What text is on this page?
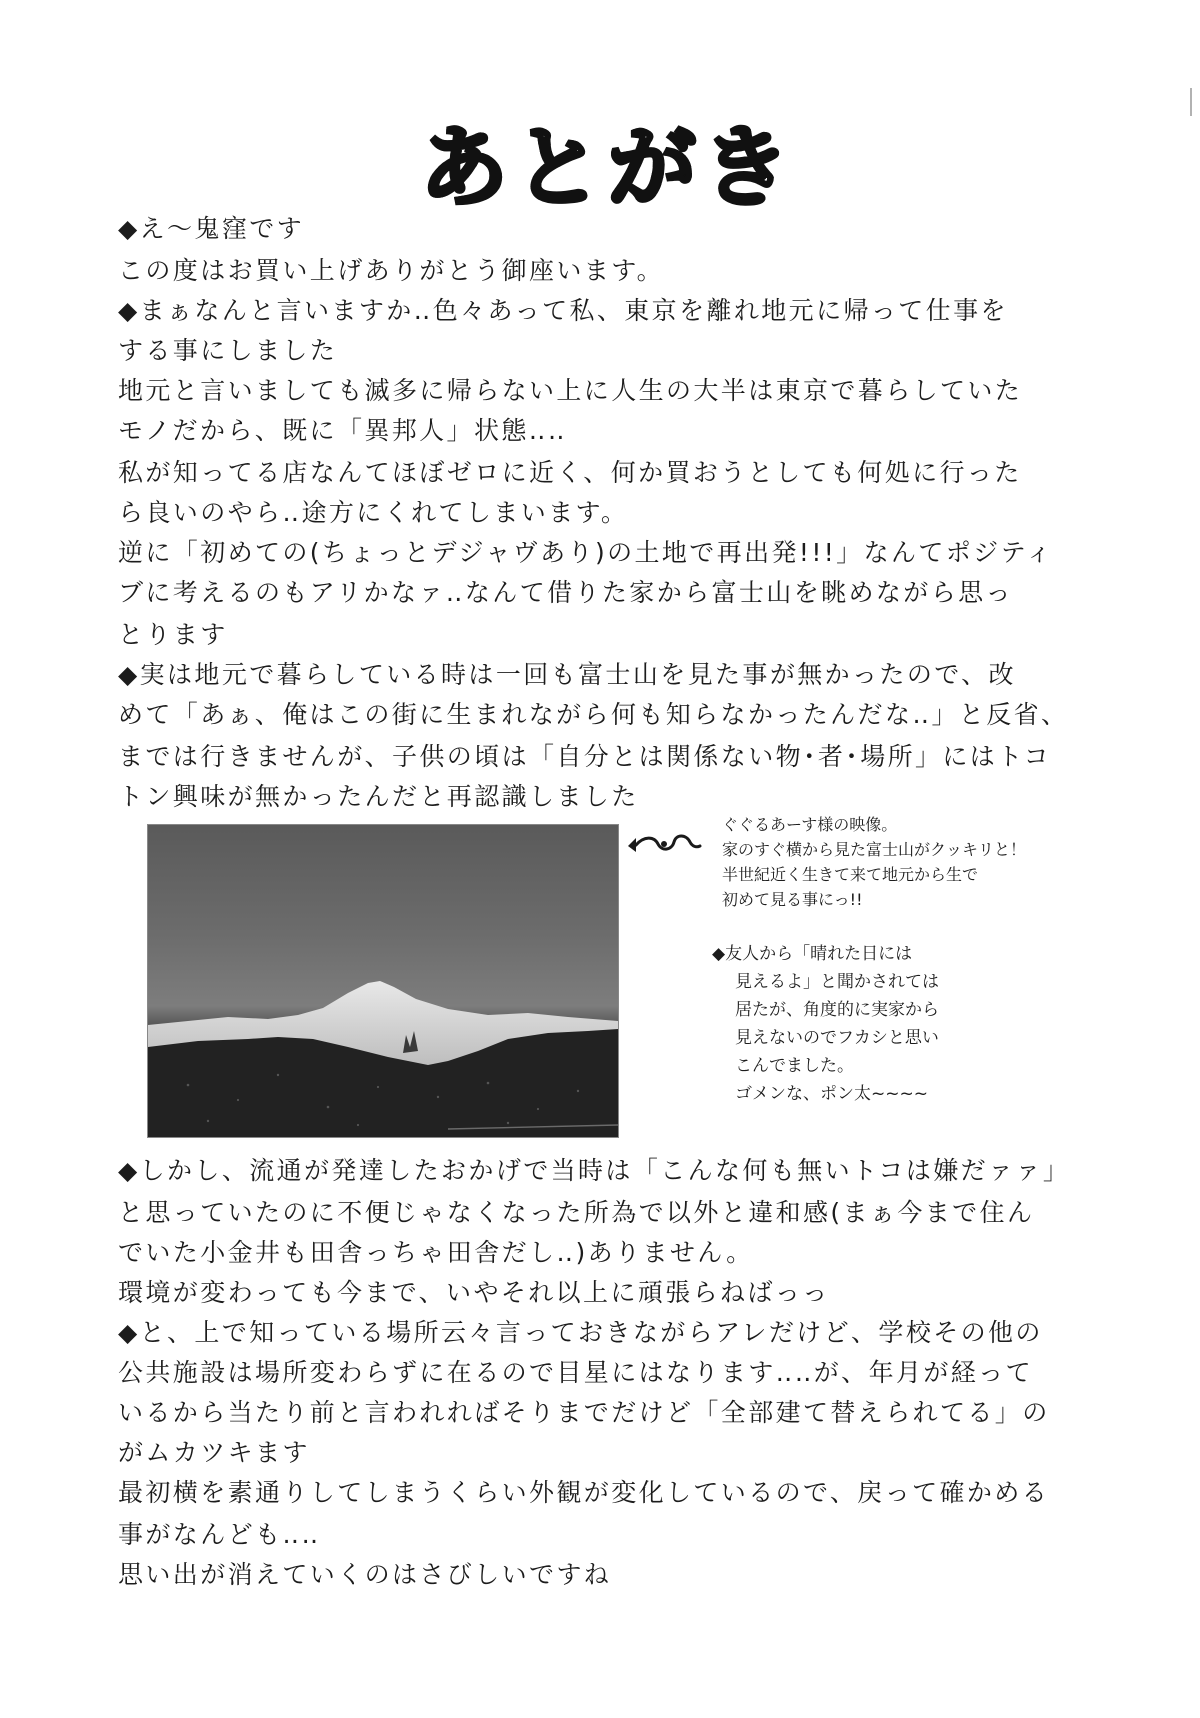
あとがき
◆え～鬼窪です
この度はお買い上げありがとう御座います。
◆まぁなんと言いますか‥色々あって私、東京を離れ地元に帰って仕事を
する事にしました
地元と言いましても滅多に帰らない上に人生の大半は東京で暮らしていた
モノだから、既に「異邦人」状態‥‥
私が知ってる店なんてほぼゼロに近く、何か買おうとしても何処に行った
ら良いのやら‥途方にくれてしまいます。
逆に「初めての(ちょっとデジャヴあり)の土地で再出発!!!」なんてポジティ
ブに考えるのもアリかなァ‥なんて借りた家から富士山を眺めながら思っ
とります
◆実は地元で暮らしている時は一回も富士山を見た事が無かったので、改
めて「あぁ、俺はこの街に生まれながら何も知らなかったんだな‥」と反省、
までは行きませんが、子供の頃は「自分とは関係ない物･者･場所」にはトコ
トン興味が無かったんだと再認識しました
ぐぐるあーす様の映像。
家のすぐ横から見た富士山がクッキリと！
半世紀近く生きて来て地元から生で
初めて見る事にっ!!
◆友人から「晴れた日には
見えるよ」と聞かされては
居たが、角度的に実家から
見えないのでフカシと思い
こんでました。
ゴメンな、ポン太~~~~
◆しかし、流通が発達したおかげで当時は「こんな何も無いトコは嫌だァァ」
と思っていたのに不便じゃなくなった所為で以外と違和感(まぁ今まで住ん
でいた小金井も田舎っちゃ田舎だし‥)ありません。
環境が変わっても今まで、いやそれ以上に頑張らねばっっ
◆と、上で知っている場所云々言っておきながらアレだけど、学校その他の
公共施設は場所変わらずに在るので目星にはなります‥‥が、年月が経って
いるから当たり前と言われればそりまでだけど「全部建て替えられてる」の
がムカツキます
最初横を素通りしてしまうくらい外観が変化しているので、戻って確かめる
事がなんども‥‥
思い出が消えていくのはさびしいですね
